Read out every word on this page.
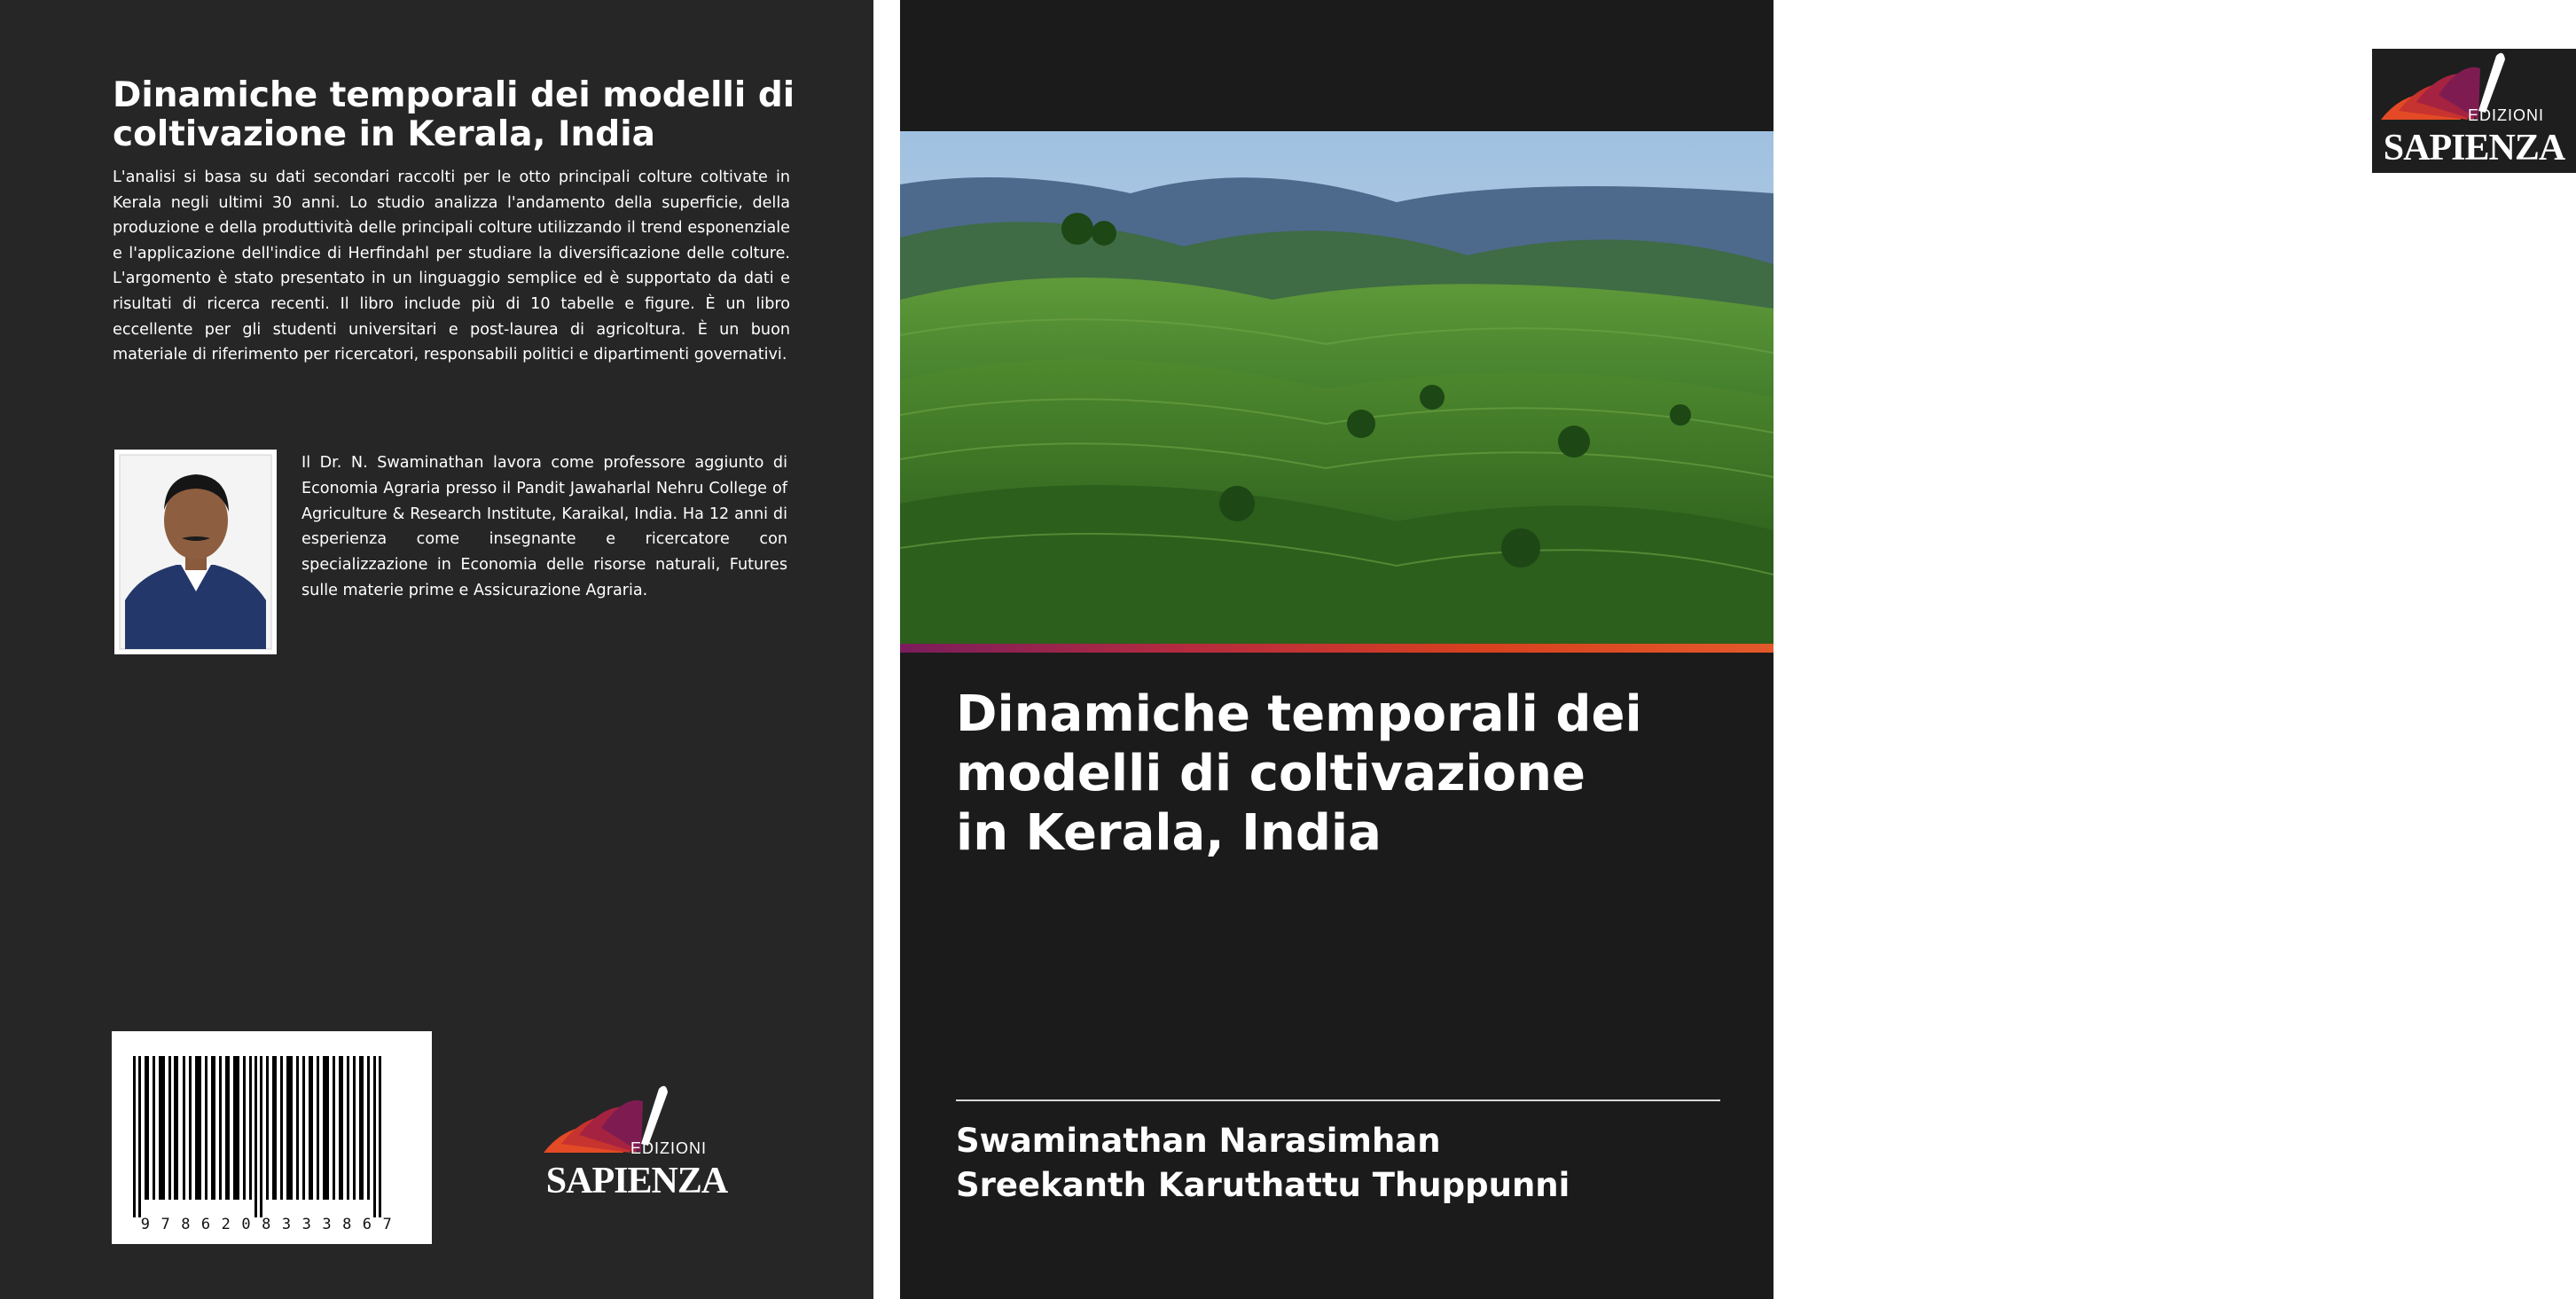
Dinamiche temporali dei modelli di coltivazione in Kerala, India

L'analisi si basa su dati secondari raccolti per le otto principali colture coltivate in Kerala negli ultimi 30 anni. Lo studio analizza l'andamento della superficie, della produzione e della produttività delle principali colture utilizzando il trend esponenziale e l'applicazione dell'indice di Herfindahl per studiare la diversificazione delle colture. L'argomento è stato presentato in un linguaggio semplice ed è supportato da dati e risultati di ricerca recenti. Il libro include più di 10 tabelle e figure. È un libro eccellente per gli studenti universitari e post-laurea di agricoltura. È un buon materiale di riferimento per ricercatori, responsabili politici e dipartimenti governativi.

Il Dr. N. Swaminathan lavora come professore aggiunto di Economia Agraria presso il Pandit Jawaharlal Nehru College of Agriculture & Research Institute, Karaikal, India. Ha 12 anni di esperienza come insegnante e ricercatore con specializzazione in Economia delle risorse naturali, Futures sulle materie prime e Assicurazione Agraria.

9786208333867
EDIZIONI
SAPIENZA
EDIZIONI
SAPIENZA
Dinamiche temporali dei
modelli di coltivazione
in Kerala, India
Swaminathan Narasimhan
Sreekanth Karuthattu Thuppunni
